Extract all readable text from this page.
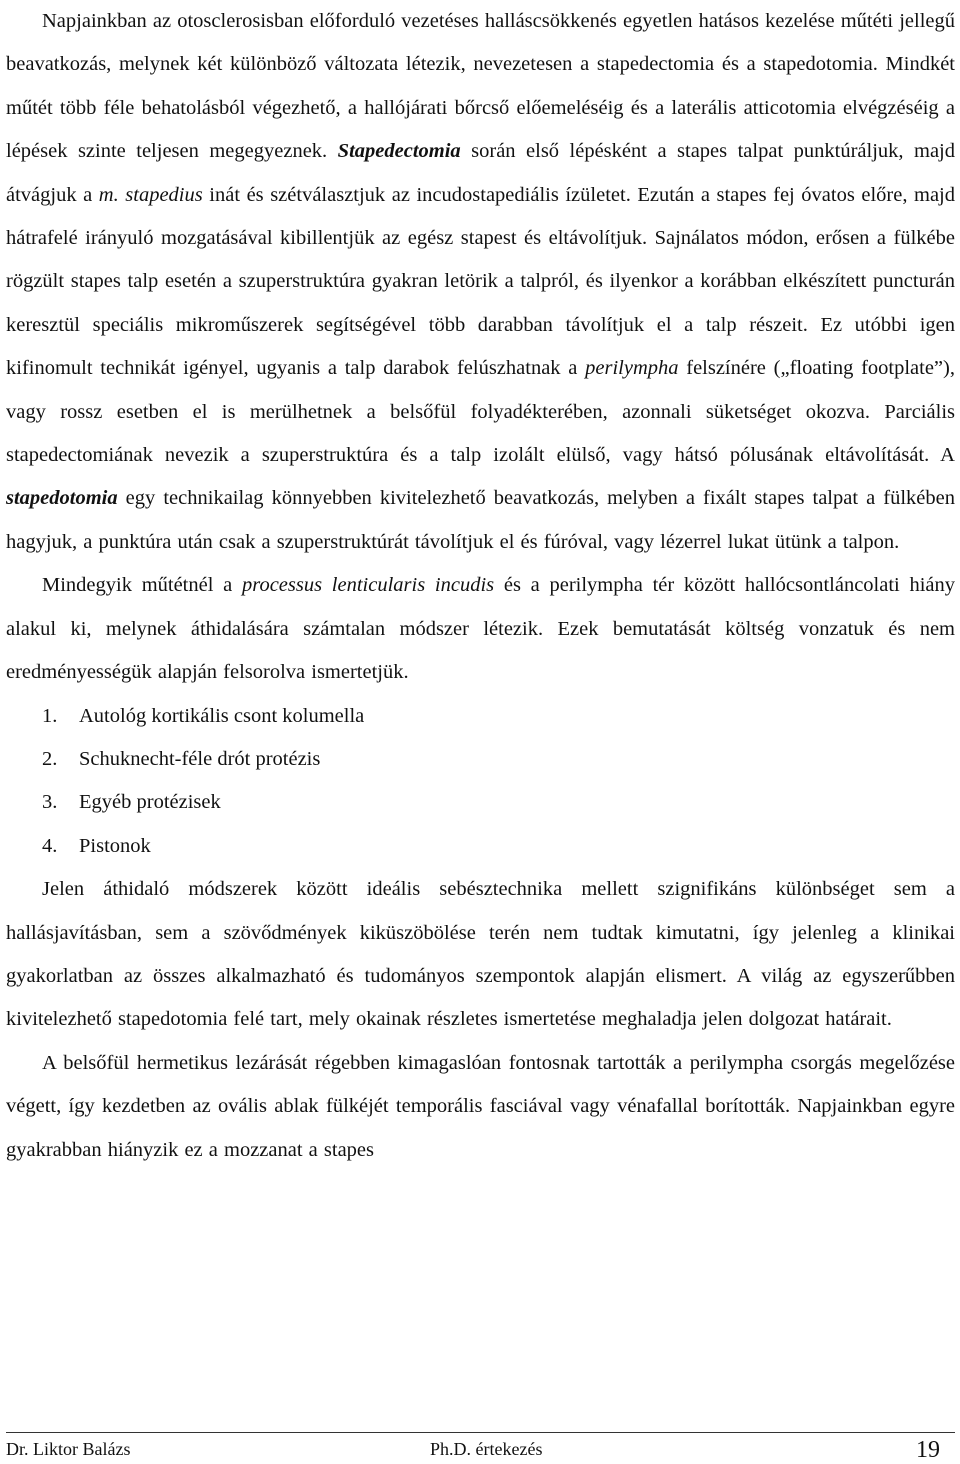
Napjainkban az otosclerosisban előforduló vezetéses halláscsökkenés egyetlen hatásos kezelése műtéti jellegű beavatkozás, melynek két különböző változata létezik, nevezetesen a stapedectomia és a stapedotomia. Mindkét műtét több féle behatolásból végezhető, a hallójárati bőrcső előemeléséig és a laterális atticotomia elvégzéséig a lépések szinte teljesen megegyeznek. Stapedectomia során első lépésként a stapes talpat punktúráljuk, majd átvágjuk a m. stapedius inát és szétválasztjuk az incudostapediális ízületet. Ezután a stapes fej óvatos előre, majd hátrafelé irányuló mozgatásával kibillentjük az egész stapest és eltávolítjuk. Sajnálatos módon, erősen a fülkébe rögzült stapes talp esetén a szuperstruktúra gyakran letörik a talpról, és ilyenkor a korábban elkészített puncturán keresztül speciális mikroműszerek segítségével több darabban távolítjuk el a talp részeit. Ez utóbbi igen kifinomult technikát igényel, ugyanis a talp darabok felúszhatnak a perilympha felszínére („floating footplate”), vagy rossz esetben el is merülhetnek a belsőfül folyadékterében, azonnali süketséget okozva. Parciális stapedectomiának nevezik a szuperstruktúra és a talp izolált elülső, vagy hátsó pólusának eltávolítását. A stapedotomia egy technikailag könnyebben kivitelezhető beavatkozás, melyben a fixált stapes talpat a fülkében hagyjuk, a punktúra után csak a szuperstruktúrát távolítjuk el és fúróval, vagy lézerrel lukat ütünk a talpon.

Mindegyik műtétnél a processus lenticularis incudis és a perilympha tér között hallócsontláncolati hiány alakul ki, melynek áthidalására számtalan módszer létezik. Ezek bemutatását költség vonzatuk és nem eredményességük alapján felsorolva ismertetjük.

1. Autológ kortikális csont kolumella
2. Schuknecht-féle drót protézis
3. Egyéb protézisek
4. Pistonok

Jelen áthidaló módszerek között ideális sebésztechnika mellett szignifikáns különbséget sem a hallásjavításban, sem a szövődmények kiküszöbölése terén nem tudtak kimutatni, így jelenleg a klinikai gyakorlatban az összes alkalmazható és tudományos szempontok alapján elismert. A világ az egyszerűbben kivitelezhető stapedotomia felé tart, mely okainak részletes ismertetése meghaladja jelen dolgozat határait.

A belsőfül hermetikus lezárását régebben kimagaslóan fontosnak tartották a perilympha csorgás megelőzése végett, így kezdetben az ovális ablak fülkéjét temporális fasciával vagy vénafallal borították. Napjainkban egyre gyakrabban hiányzik ez a mozzanat a stapes

Dr. Liktor Balázs	Ph.D. értekezés	19
